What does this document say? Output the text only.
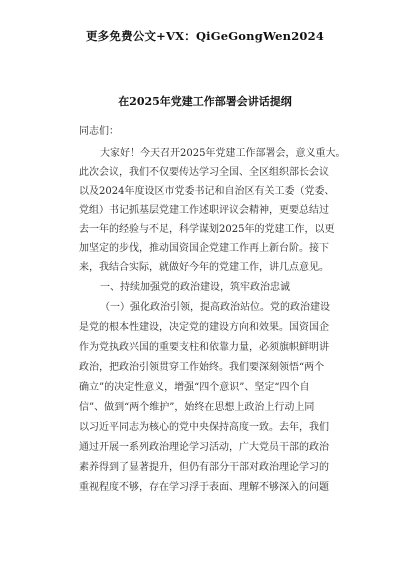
更多免费公文+VX：QiGeGongWen2024
在2025年党建工作部署会讲话提纲
同志们：
大家好！今天召开2025年党建工作部署会，意义重大。
此次会议，我们不仅要传达学习全国、全区组织部长会议
以及2024年度设区市党委书记和自治区有关工委（党委、
党组）书记抓基层党建工作述职评议会精神，更要总结过
去一年的经验与不足，科学谋划2025年的党建工作，以更
加坚定的步伐，推动国资国企党建工作再上新台阶。接下
来，我结合实际，就做好今年的党建工作，讲几点意见。
一、持续加强党的政治建设，筑牢政治忠诚
（一）强化政治引领，提高政治站位。党的政治建设
是党的根本性建设，决定党的建设方向和效果。国资国企
作为党执政兴国的重要支柱和依靠力量，必须旗帜鲜明讲
政治，把政治引领贯穿工作始终。我们要深刻领悟“两个
确立”的决定性意义，增强“四个意识”、坚定“四个自
信”、做到“两个维护”，始终在思想上政治上行动上同
以习近平同志为核心的党中央保持高度一致。去年，我们
通过开展一系列政治理论学习活动，广大党员干部的政治
素养得到了显著提升，但仍有部分干部对政治理论学习的
重视程度不够，存在学习浮于表面、理解不够深入的问题
